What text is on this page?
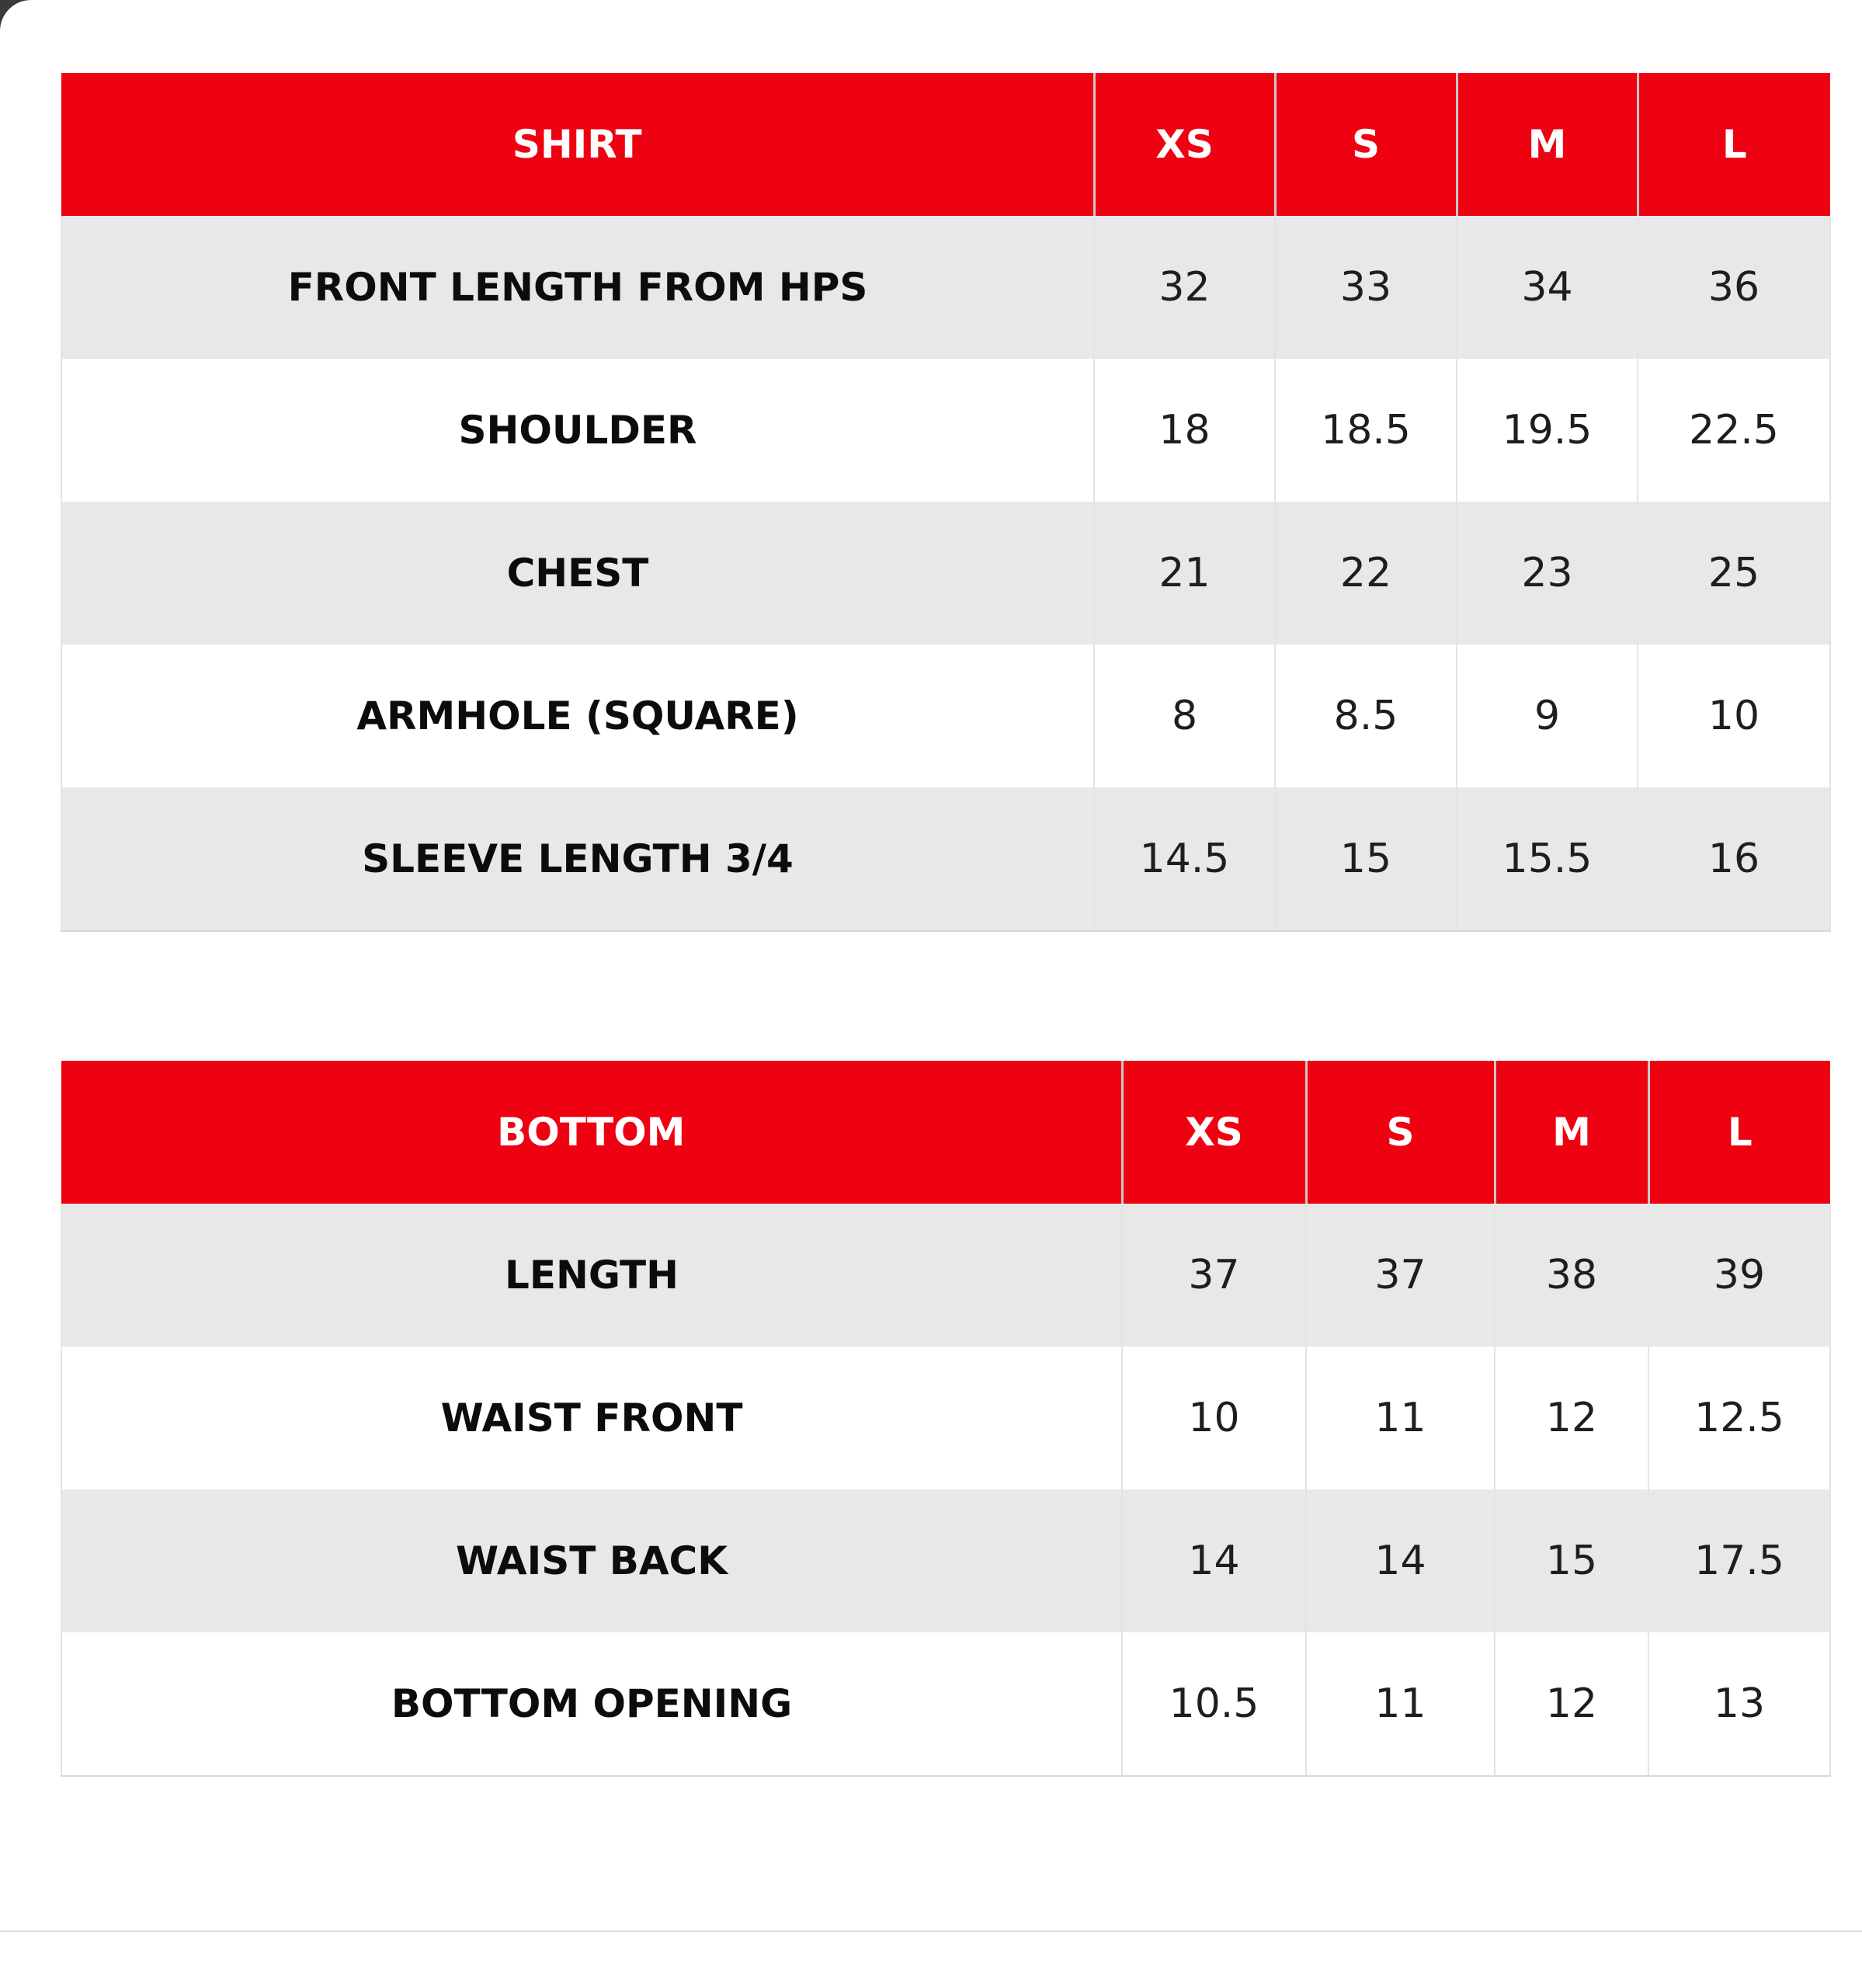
SHIRT	XS	S	M	L
FRONT LENGTH FROM HPS	32	33	34	36
SHOULDER	18	18.5	19.5	22.5
CHEST	21	22	23	25
ARMHOLE (SQUARE)	8	8.5	9	10
SLEEVE LENGTH 3/4	14.5	15	15.5	16
BOTTOM	XS	S	M	L
LENGTH	37	37	38	39
WAIST FRONT	10	11	12	12.5
WAIST BACK	14	14	15	17.5
BOTTOM OPENING	10.5	11	12	13
